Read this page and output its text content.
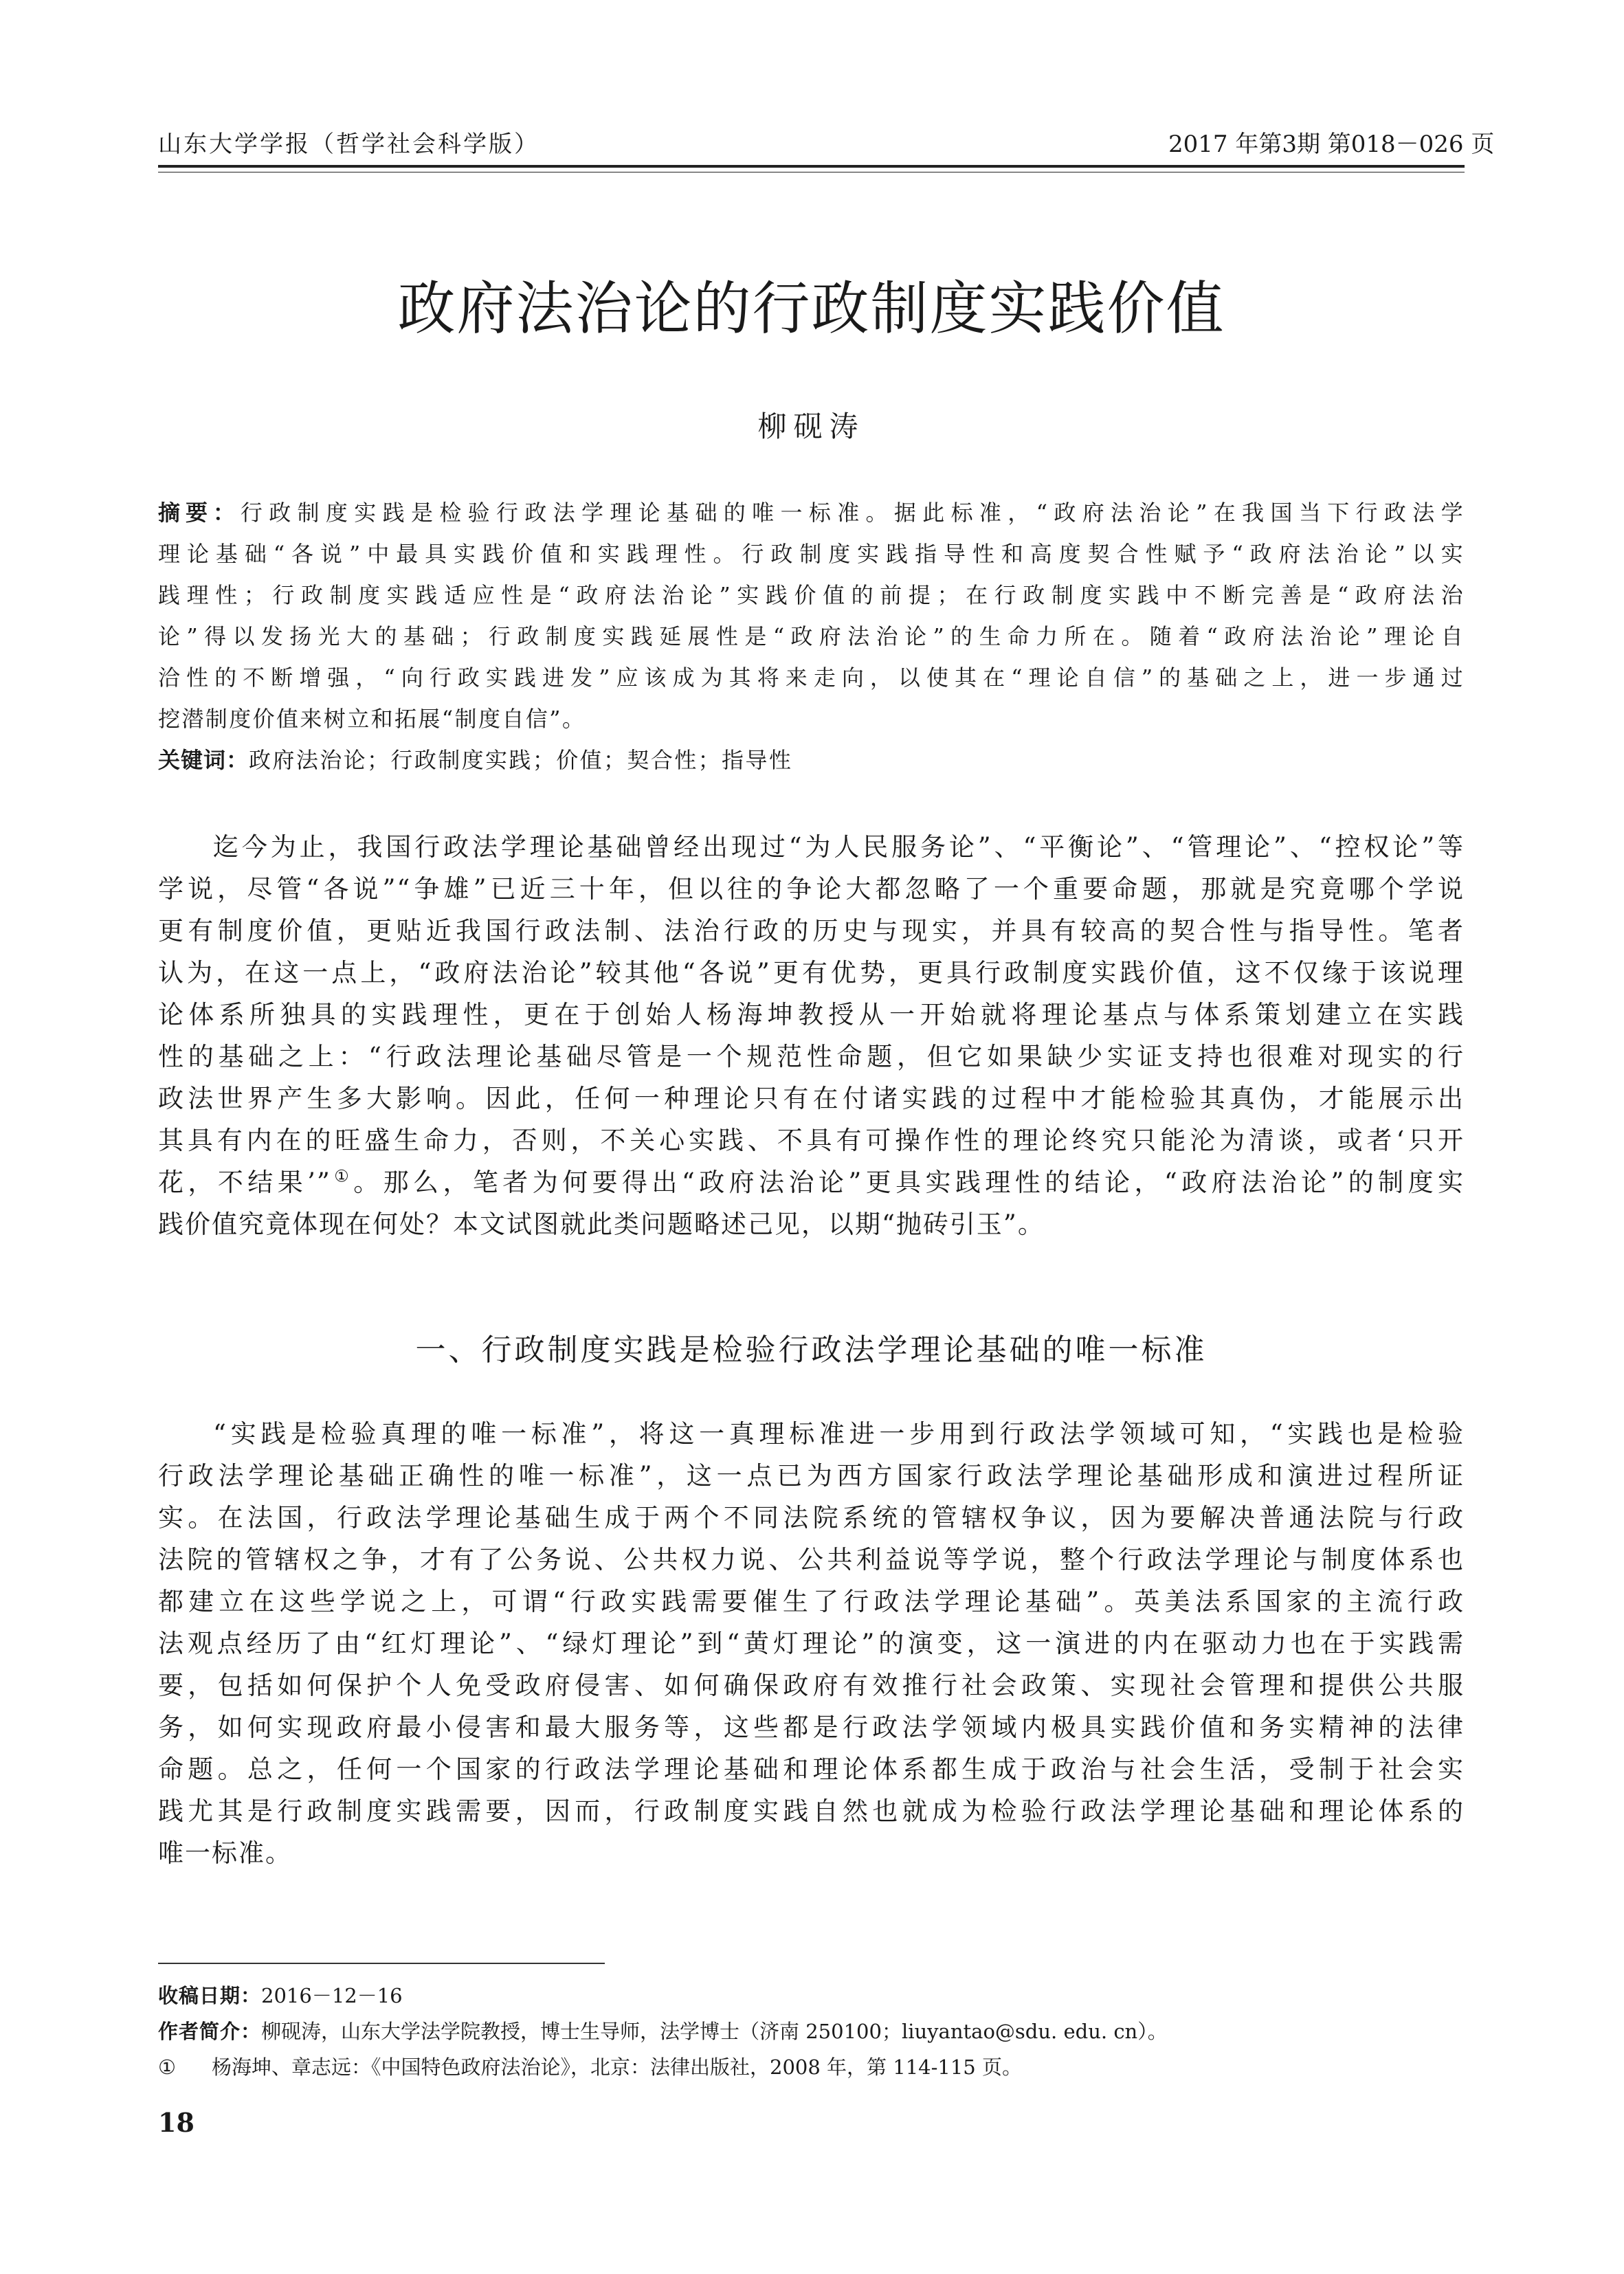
山东大学学报（哲学社会科学版）	2017 年第3期 第018－026 页
政府法治论的行政制度实践价值
柳砚涛
摘要：行政制度实践是检验行政法学理论基础的唯一标准。据此标准，“政府法治论”在我国当下行政法学
理论基础“各说”中最具实践价值和实践理性。行政制度实践指导性和高度契合性赋予“政府法治论”以实
践理性；行政制度实践适应性是“政府法治论”实践价值的前提；在行政制度实践中不断完善是“政府法治
论”得以发扬光大的基础；行政制度实践延展性是“政府法治论”的生命力所在。随着“政府法治论”理论自
洽性的不断增强，“向行政实践进发”应该成为其将来走向，以使其在“理论自信”的基础之上，进一步通过
挖潜制度价值来树立和拓展“制度自信”。
关键词：政府法治论；行政制度实践；价值；契合性；指导性
迄今为止，我国行政法学理论基础曾经出现过“为人民服务论”、“平衡论”、“管理论”、“控权论”等
学说，尽管“各说”“争雄”已近三十年，但以往的争论大都忽略了一个重要命题，那就是究竟哪个学说
更有制度价值，更贴近我国行政法制、法治行政的历史与现实，并具有较高的契合性与指导性。笔者
认为，在这一点上，“政府法治论”较其他“各说”更有优势，更具行政制度实践价值，这不仅缘于该说理
论体系所独具的实践理性，更在于创始人杨海坤教授从一开始就将理论基点与体系策划建立在实践
性的基础之上：“行政法理论基础尽管是一个规范性命题，但它如果缺少实证支持也很难对现实的行
政法世界产生多大影响。因此，任何一种理论只有在付诸实践的过程中才能检验其真伪，才能展示出
其具有内在的旺盛生命力，否则，不关心实践、不具有可操作性的理论终究只能沦为清谈，或者‘只开
花，不结果’”①。那么，笔者为何要得出“政府法治论”更具实践理性的结论，“政府法治论”的制度实
践价值究竟体现在何处？本文试图就此类问题略述己见，以期“抛砖引玉”。
一、行政制度实践是检验行政法学理论基础的唯一标准
“实践是检验真理的唯一标准”，将这一真理标准进一步用到行政法学领域可知，“实践也是检验
行政法学理论基础正确性的唯一标准”，这一点已为西方国家行政法学理论基础形成和演进过程所证
实。在法国，行政法学理论基础生成于两个不同法院系统的管辖权争议，因为要解决普通法院与行政
法院的管辖权之争，才有了公务说、公共权力说、公共利益说等学说，整个行政法学理论与制度体系也
都建立在这些学说之上，可谓“行政实践需要催生了行政法学理论基础”。英美法系国家的主流行政
法观点经历了由“红灯理论”、“绿灯理论”到“黄灯理论”的演变，这一演进的内在驱动力也在于实践需
要，包括如何保护个人免受政府侵害、如何确保政府有效推行社会政策、实现社会管理和提供公共服
务，如何实现政府最小侵害和最大服务等，这些都是行政法学领域内极具实践价值和务实精神的法律
命题。总之，任何一个国家的行政法学理论基础和理论体系都生成于政治与社会生活，受制于社会实
践尤其是行政制度实践需要，因而，行政制度实践自然也就成为检验行政法学理论基础和理论体系的
唯一标准。
收稿日期：2016－12－16
作者简介：柳砚涛，山东大学法学院教授，博士生导师，法学博士（济南 250100；liuyantao@sdu. edu. cn）。
① 杨海坤、章志远：《中国特色政府法治论》，北京：法律出版社，2008 年，第 114-115 页。
18
